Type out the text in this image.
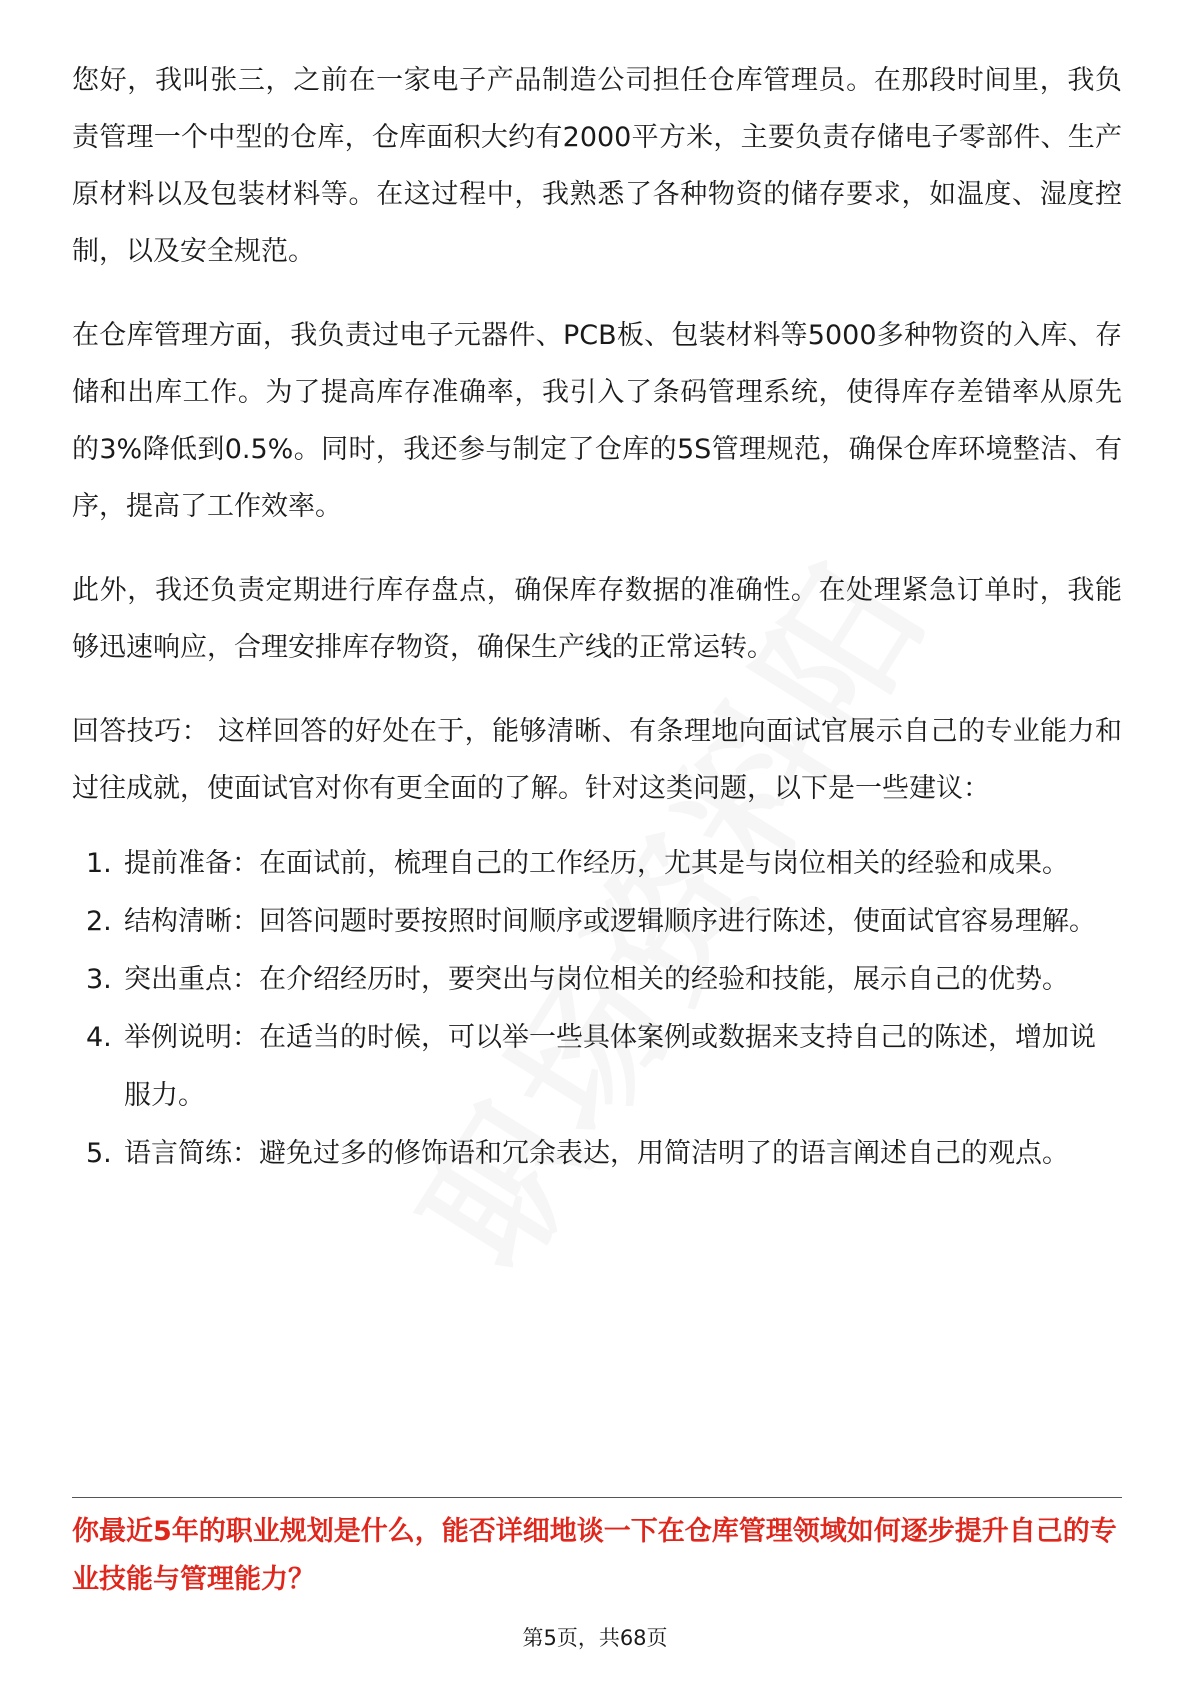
您好，我叫张三，之前在一家电子产品制造公司担任仓库管理员。在那段时间里，我负责管理一个中型的仓库，仓库面积大约有2000平方米，主要负责存储电子零部件、生产原材料以及包装材料等。在这过程中，我熟悉了各种物资的储存要求，如温度、湿度控制，以及安全规范。

在仓库管理方面，我负责过电子元器件、PCB板、包装材料等5000多种物资的入库、存储和出库工作。为了提高库存准确率，我引入了条码管理系统，使得库存差错率从原先的3%降低到0.5%。同时，我还参与制定了仓库的5S管理规范，确保仓库环境整洁、有序，提高了工作效率。

此外，我还负责定期进行库存盘点，确保库存数据的准确性。在处理紧急订单时，我能够迅速响应，合理安排库存物资，确保生产线的正常运转。

回答技巧： 这样回答的好处在于，能够清晰、有条理地向面试官展示自己的专业能力和过往成就，使面试官对你有更全面的了解。针对这类问题，以下是一些建议：

1. 提前准备：在面试前，梳理自己的工作经历，尤其是与岗位相关的经验和成果。
2. 结构清晰：回答问题时要按照时间顺序或逻辑顺序进行陈述，使面试官容易理解。
3. 突出重点：在介绍经历时，要突出与岗位相关的经验和技能，展示自己的优势。
4. 举例说明：在适当的时候，可以举一些具体案例或数据来支持自己的陈述，增加说服力。
5. 语言简练：避免过多的修饰语和冗余表达，用简洁明了的语言阐述自己的观点。
你最近5年的职业规划是什么，能否详细地谈一下在仓库管理领域如何逐步提升自己的专业技能与管理能力？
第5页，共68页
